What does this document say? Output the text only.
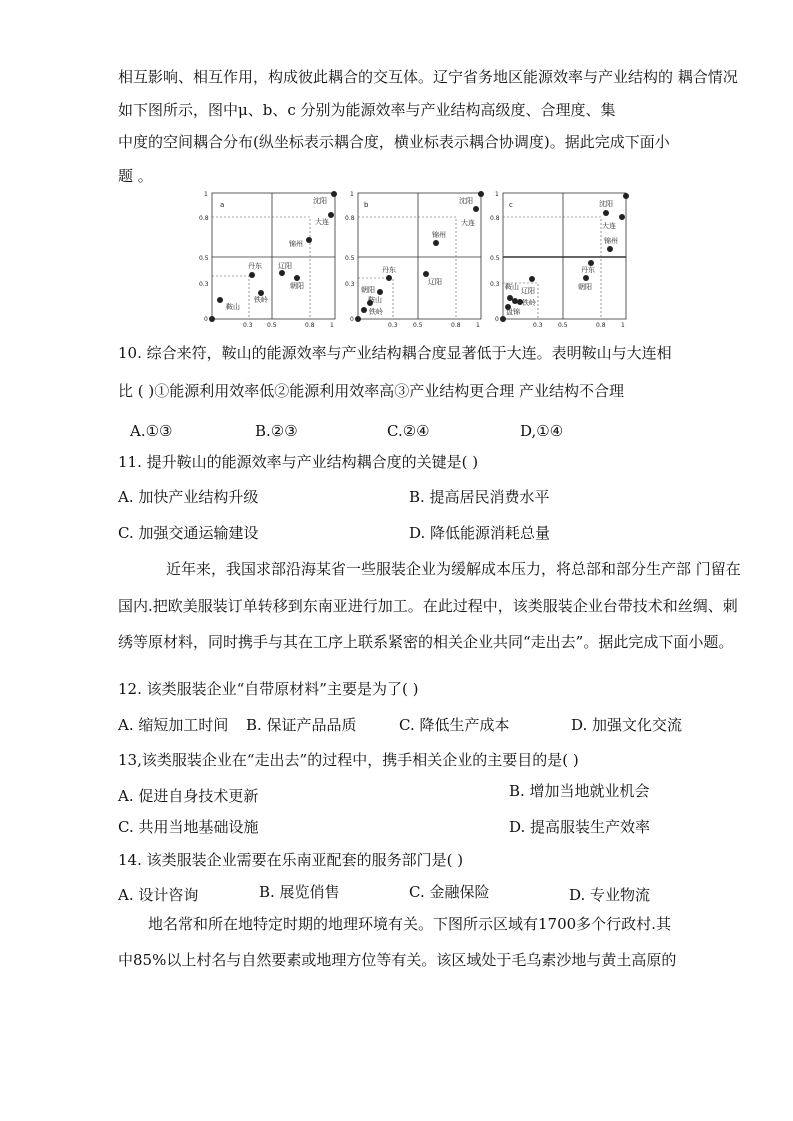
相互影响、相互作用，构成彼此耦合的交互体。辽宁省务地区能源效率与产业结构的 耦合情况
如下图所示，图中μ、b、c 分别为能源效率与产业结构高级度、合理度、集
中度的空间耦合分布(纵坐标表示耦合度，横业标表示耦合协调度)。据此完成下面小
题 。
a
1
0.8
0.5
0.3
0
0.3 0.5	0.8	1
沈阳
大连
锦州
丹东 辽阳
朝阳
鞍山
铁岭
b
1
0.8
0.5
0.3
0
0.3	0.5	0.8	1
沈阳
大连
锦州
丹东
辽阳
朝阳
鞍山
铁岭
c
1
0.8
0.5
0.3
0
0.3	0.5	0.8	1
沈阳
大连
锦州
丹东
朝阳
鞍山 辽阳
铁岭
盘锦
10. 综合来符，鞍山的能源效率与产业结构耦合度显著低于大连。表明鞍山与大连相
比 ( )①能源利用效率低②能源利用效率高③产业结构更合理 产业结构不合理
A.①③	B.②③	C.②④	D,①④
11. 提升鞍山的能源效率与产业结构耦合度的关键是( )
A. 加快产业结构升级	B. 提高居民消费水平
C. 加强交通运输建设	D. 降低能源消耗总量
近年来，我国求部沿海某省一些服装企业为缓解成本压力，将总部和部分生产部 门留在
国内.把欧美服装订单转移到东南亚进行加工。在此过程中，该类服装企业台带技术和丝绸、刺
绣等原材料，同时携手与其在工序上联系紧密的相关企业共同“走出去”。据此完成下面小题。
12. 该类服装企业“自带原材料”主要是为了( )
A. 缩短加工时间 B. 保证产品品质	C. 降低生产成本	D. 加强文化交流
13,该类服装企业在“走出去”的过程中，携手相关企业的主要目的是( )
A. 促进自身技术更新	B. 增加当地就业机会
C. 共用当地基础设施	D. 提高服装生产效率
14. 该类服装企业需要在乐南亚配套的服务部门是( )
A. 设计咨询	B. 展览俏售	C. 金融保险	D. 专业物流
地名常和所在地特定时期的地理环境有关。下图所示区域有1700多个行政村.其
中85%以上村名与自然要素或地理方位等有关。该区域处于毛乌素沙地与黄土高原的
